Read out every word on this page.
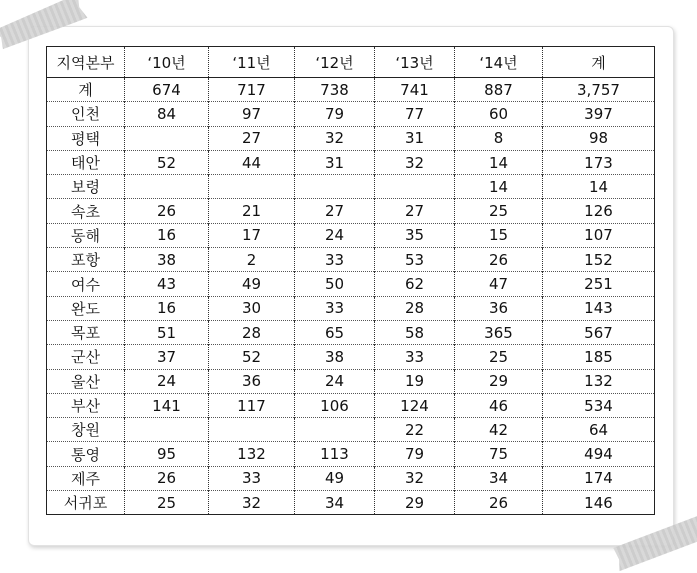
지역본부	‘10년	‘11년	‘12년	‘13년	‘14년	계
계	674	717	738	741	887	3,757
인천	84	97	79	77	60	397
평택		27	32	31	8	98
태안	52	44	31	32	14	173
보령					14	14
속초	26	21	27	27	25	126
동해	16	17	24	35	15	107
포항	38	2	33	53	26	152
여수	43	49	50	62	47	251
완도	16	30	33	28	36	143
목포	51	28	65	58	365	567
군산	37	52	38	33	25	185
울산	24	36	24	19	29	132
부산	141	117	106	124	46	534
창원				22	42	64
통영	95	132	113	79	75	494
제주	26	33	49	32	34	174
서귀포	25	32	34	29	26	146
